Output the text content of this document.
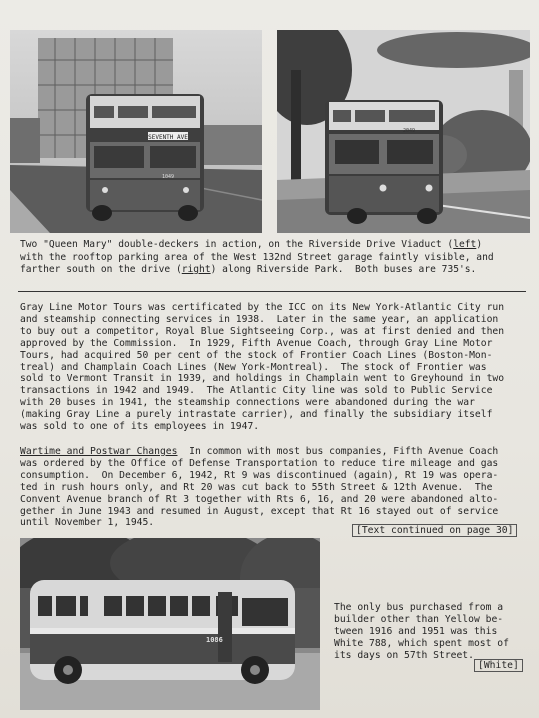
SEVENTH AVE
1049
2049
Two "Queen Mary" double-deckers in action, on the Riverside Drive Viaduct (left)
with the rooftop parking area of the West 132nd Street garage faintly visible, and
farther south on the drive (right) along Riverside Park.  Both buses are 735's.
Gray Line Motor Tours was certificated by the ICC on its New York-Atlantic City run
and steamship connecting services in 1938.  Later in the same year, an application
to buy out a competitor, Royal Blue Sightseeing Corp., was at first denied and then
approved by the Commission.  In 1929, Fifth Avenue Coach, through Gray Line Motor
Tours, had acquired 50 per cent of the stock of Frontier Coach Lines (Boston-Mon-
treal) and Champlain Coach Lines (New York-Montreal).  The stock of Frontier was
sold to Vermont Transit in 1939, and holdings in Champlain went to Greyhound in two
transactions in 1942 and 1949.  The Atlantic City line was sold to Public Service
with 20 buses in 1941, the steamship connections were abandoned during the war
(making Gray Line a purely intrastate carrier), and finally the subsidiary itself
was sold to one of its employees in 1947.
Wartime and Postwar Changes  In common with most bus companies, Fifth Avenue Coach
was ordered by the Office of Defense Transportation to reduce tire mileage and gas
consumption.  On December 6, 1942, Rt 9 was discontinued (again), Rt 19 was opera-
ted in rush hours only, and Rt 20 was cut back to 55th Street & 12th Avenue.  The
Convent Avenue branch of Rt 3 together with Rts 6, 16, and 20 were abandoned alto-
gether in June 1943 and resumed in August, except that Rt 16 stayed out of service
until November 1, 1945.
[Text continued on page 30]
1086
The only bus purchased from a
builder other than Yellow be-
tween 1916 and 1951 was this
White 788, which spent most of
its days on 57th Street.
[White]
